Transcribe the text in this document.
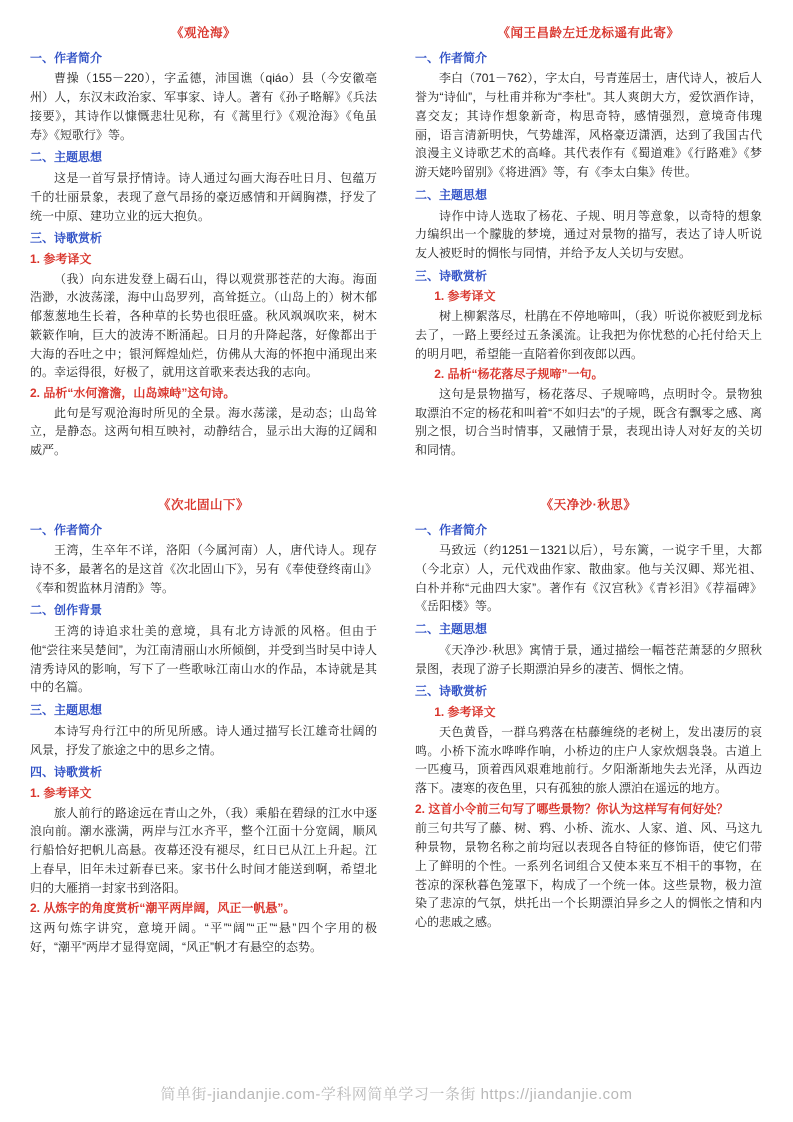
《观沧海》
一、作者简介
曹操（155－220），字孟德，沛国谯（qiáo）县（今安徽亳州）人，东汉末政治家、军事家、诗人。著有《孙子略解》《兵法接要》，其诗作以慷慨悲壮见称，有《蒿里行》《观沧海》《龟虽寿》《短歌行》等。
二、主题思想
这是一首写景抒情诗。诗人通过勾画大海吞吐日月、包蕴万千的壮丽景象，表现了意气昂扬的豪迈感情和开阔胸襟，抒发了统一中原、建功立业的远大抱负。
三、诗歌赏析
1. 参考译文
（我）向东进发登上碣石山，得以观赏那苍茫的大海。海面浩渺，水波荡漾，海中山岛罗列，高耸挺立。（山岛上的）树木郁郁葱葱地生长着，各种草的长势也很旺盛。秋风飒飒吹来，树木簌簌作响，巨大的波涛不断涌起。日月的升降起落，好像都出于大海的吞吐之中；银河辉煌灿烂，仿佛从大海的怀抱中涌现出来的。幸运得很，好极了，就用这首歌来表达我的志向。
2. 品析“水何澹澹，山岛竦峙”这句诗。
此句是写观沧海时所见的全景。海水荡漾，是动态；山岛耸立，是静态。这两句相互映衬，动静结合，显示出大海的辽阔和威严。
《次北固山下》
一、作者简介
王湾，生卒年不详，洛阳（今属河南）人，唐代诗人。现存诗不多，最著名的是这首《次北固山下》，另有《奉使登终南山》《奉和贺监林月清酌》等。
二、创作背景
王湾的诗追求壮美的意境，具有北方诗派的风格。但由于他“尝往来吴楚间”，为江南清丽山水所倾倒，并受到当时吴中诗人清秀诗风的影响，写下了一些歌咏江南山水的作品，本诗就是其中的名篇。
三、主题思想
本诗写舟行江中的所见所感。诗人通过描写长江雄奇壮阔的风景，抒发了旅途之中的思乡之情。
四、诗歌赏析
1. 参考译文
旅人前行的路途远在青山之外，（我）乘船在碧绿的江水中逐浪向前。潮水涨满，两岸与江水齐平，整个江面十分宽阔，顺风行船恰好把帆儿高悬。夜幕还没有褪尽，红日已从江上升起。江上春早，旧年未过新春已来。家书什么时间才能送到啊，希望北归的大雁捎一封家书到洛阳。
2. 从炼字的角度赏析“潮平两岸阔，风正一帆悬”。
这两句炼字讲究，意境开阔。“平”“阔”“正”“悬”四个字用的极好，“潮平”两岸才显得宽阔，“风正”帆才有悬空的态势。
《闻王昌龄左迁龙标遥有此寄》
一、作者简介
李白（701－762），字太白，号青莲居士，唐代诗人，被后人誉为“诗仙”，与杜甫并称为“李杜”。其人爽朗大方，爱饮酒作诗，喜交友；其诗作想象新奇，构思奇特，感情强烈，意境奇伟瑰丽，语言清新明快，气势雄浑，风格豪迈潇洒，达到了我国古代浪漫主义诗歌艺术的高峰。其代表作有《蜀道难》《行路难》《梦游天姥吟留别》《将进酒》等，有《李太白集》传世。
二、主题思想
诗作中诗人选取了杨花、子规、明月等意象，以奇特的想象力编织出一个朦胧的梦境，通过对景物的描写，表达了诗人听说友人被贬时的惆怅与同情，并给予友人关切与安慰。
三、诗歌赏析
1. 参考译文
树上柳絮落尽，杜鹃在不停地啼叫，（我）听说你被贬到龙标去了，一路上要经过五条溪流。让我把为你忧愁的心托付给天上的明月吧，希望能一直陪着你到夜郎以西。
2. 品析“杨花落尽子规啼”一句。
这句是景物描写，杨花落尽、子规啼鸣，点明时令。景物独取漂泊不定的杨花和叫着“不如归去”的子规，既含有飘零之感、离别之恨，切合当时情事，又融情于景，表现出诗人对好友的关切和同情。
《天净沙·秋思》
一、作者简介
马致远（约1251－1321以后），号东篱，一说字千里，大都（今北京）人，元代戏曲作家、散曲家。他与关汉卿、郑光祖、白朴并称“元曲四大家”。著作有《汉宫秋》《青衫泪》《荐福碑》《岳阳楼》等。
二、主题思想
《天净沙·秋思》寓情于景，通过描绘一幅苍茫萧瑟的夕照秋景图，表现了游子长期漂泊异乡的凄苦、惆怅之情。
三、诗歌赏析
1. 参考译文
天色黄昏，一群乌鸦落在枯藤缠绕的老树上，发出凄厉的哀鸣。小桥下流水哗哗作响，小桥边的庄户人家炊烟袅袅。古道上一匹瘦马，顶着西风艰难地前行。夕阳渐渐地失去光泽，从西边落下。凄寒的夜色里，只有孤独的旅人漂泊在遥远的地方。
2. 这首小令前三句写了哪些景物？你认为这样写有何好处？
前三句共写了藤、树、鸦、小桥、流水、人家、道、风、马这九种景物，景物名称之前均冠以表现各自特征的修饰语，使它们带上了鲜明的个性。一系列名词组合又使本来互不相干的事物，在苍凉的深秋暮色笼罩下，构成了一个统一体。这些景物，极力渲染了悲凉的气氛，烘托出一个长期漂泊异乡之人的惆怅之情和内心的悲戚之感。
简单街-jiandanjie.com-学科网简单学习一条街 https://jiandanjie.com
